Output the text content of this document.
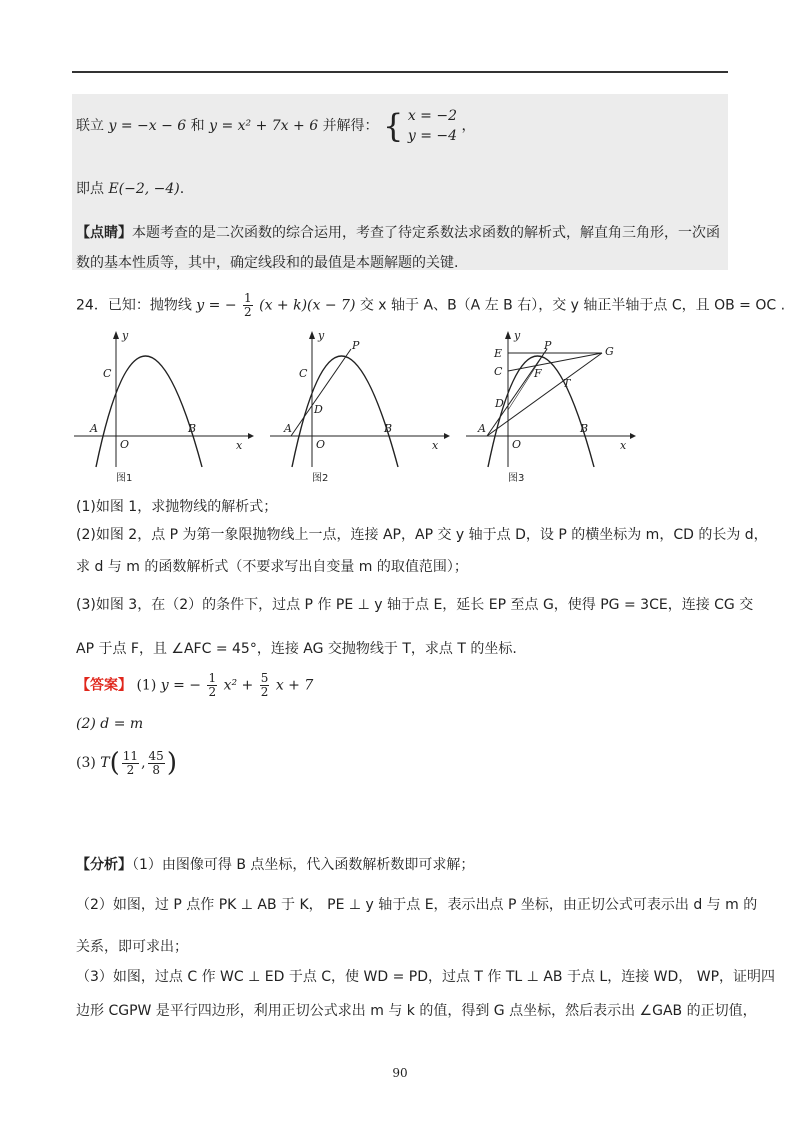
联立 y = −x − 6 和 y = x² + 7x + 6 并解得： { x = −2
y = −4
，
即点 E(−2, −4).
【点睛】本题考查的是二次函数的综合运用，考查了待定系数法求函数的解析式，解直角三角形，一次函
数的基本性质等，其中，确定线段和的最值是本题解题的关键.
24．已知：抛物线 y = − $\frac{1}{2} (x + k)(x - 7)$ 交 x 轴于 A、B（A 左 B 右），交 y 轴正半轴于点 C，且 OB = OC .
y
x
O
A	B
C
图1
y
x
O
A	B
C
D
P
图2
y
x
O
A	B
C
E
D
P	G
F
T
图3
(1)如图 1，求抛物线的解析式；
(2)如图 2，点 P 为第一象限抛物线上一点，连接 AP，AP 交 y 轴于点 D，设 P 的横坐标为 m，CD 的长为 d，
求 d 与 m 的函数解析式（不要求写出自变量 m 的取值范围）；
(3)如图 3，在（2）的条件下，过点 P 作 PE ⊥ y 轴于点 E，延长 EP 至点 G，使得 PG = 3CE，连接 CG 交
AP 于点 F，且 ∠AFC = 45°，连接 AG 交抛物线于 T，求点 T 的坐标.
【答案】 (1) y = − $\frac{1}{2} x^2 + \frac{5}{2}$ x + 7
(2) d = m
(3) $T( \frac{11}{2}$ , $\frac{45}{8}$ )
【分析】（1）由图像可得 B 点坐标，代入函数解析数即可求解；
（2）如图，过 P 点作 PK ⊥ AB 于 K， PE ⊥ y 轴于点 E，表示出点 P 坐标，由正切公式可表示出 d 与 m 的
关系，即可求出；
（3）如图，过点 C 作 WC ⊥ ED 于点 C，使 WD = PD，过点 T 作 TL ⊥ AB 于点 L，连接 WD， WP，证明四
边形 CGPW 是平行四边形，利用正切公式求出 m 与 k 的值，得到 G 点坐标，然后表示出 ∠GAB 的正切值，
90
